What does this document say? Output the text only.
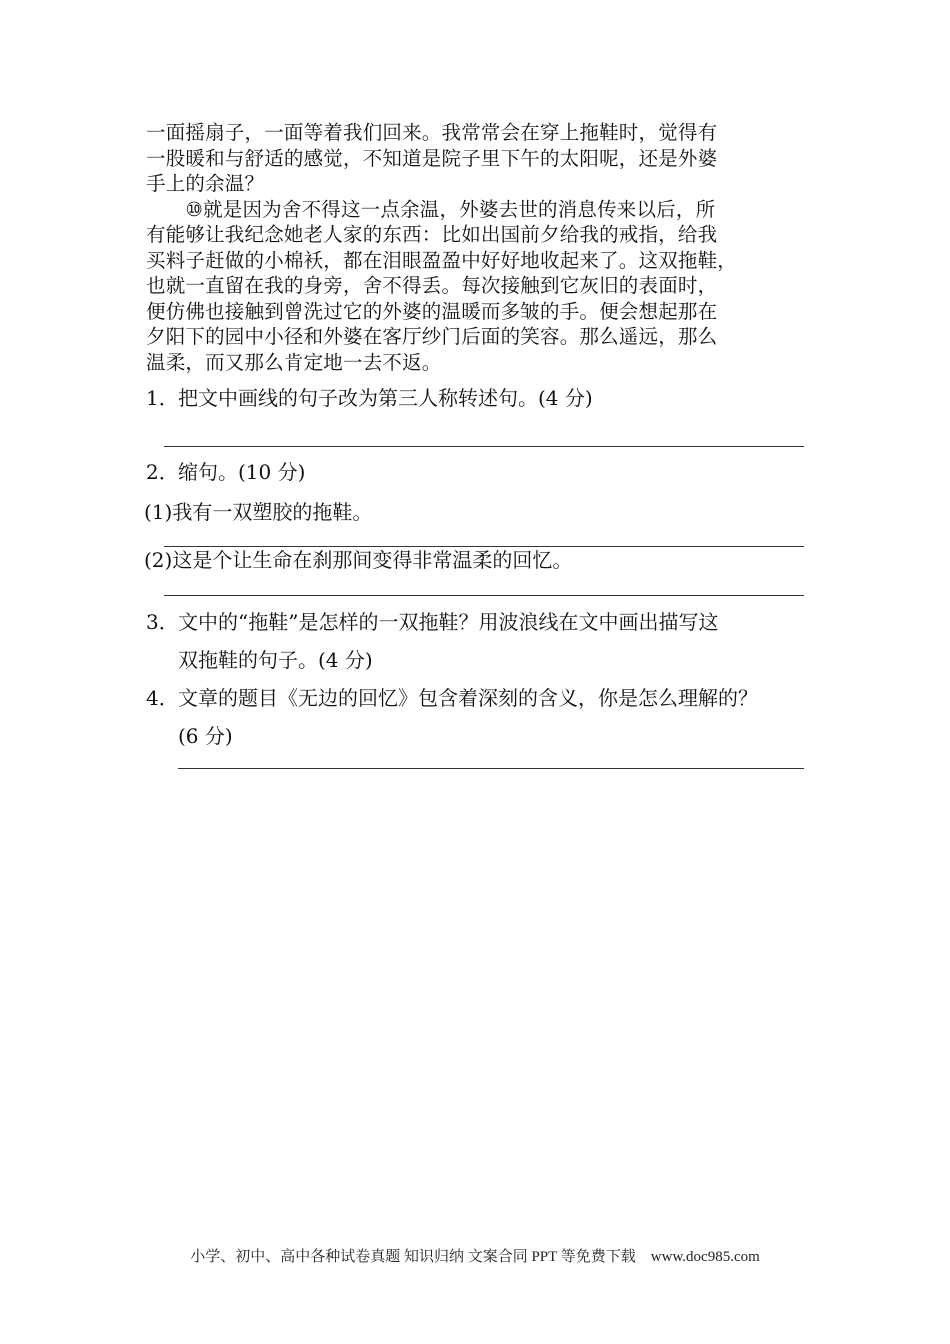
一面摇扇子，一面等着我们回来。我常常会在穿上拖鞋时，觉得有
一股暖和与舒适的感觉，不知道是院子里下午的太阳呢，还是外婆
手上的余温？
　　⑩就是因为舍不得这一点余温，外婆去世的消息传来以后，所
有能够让我纪念她老人家的东西：比如出国前夕给我的戒指，给我
买料子赶做的小棉袄，都在泪眼盈盈中好好地收起来了。这双拖鞋，
也就一直留在我的身旁，舍不得丢。每次接触到它灰旧的表面时，
便仿佛也接触到曾洗过它的外婆的温暖而多皱的手。便会想起那在
夕阳下的园中小径和外婆在客厅纱门后面的笑容。那么遥远，那么
温柔，而又那么肯定地一去不返。
1．把文中画线的句子改为第三人称转述句。(4 分)
2．缩句。(10 分)
(1)我有一双塑胶的拖鞋。
(2)这是个让生命在刹那间变得非常温柔的回忆。
3．文中的“拖鞋”是怎样的一双拖鞋？用波浪线在文中画出描写这
双拖鞋的句子。(4 分)
4．文章的题目《无边的回忆》包含着深刻的含义，你是怎么理解的？
(6 分)
小学、初中、高中各种试卷真题 知识归纳 文案合同 PPT 等免费下载　www.doc985.com
